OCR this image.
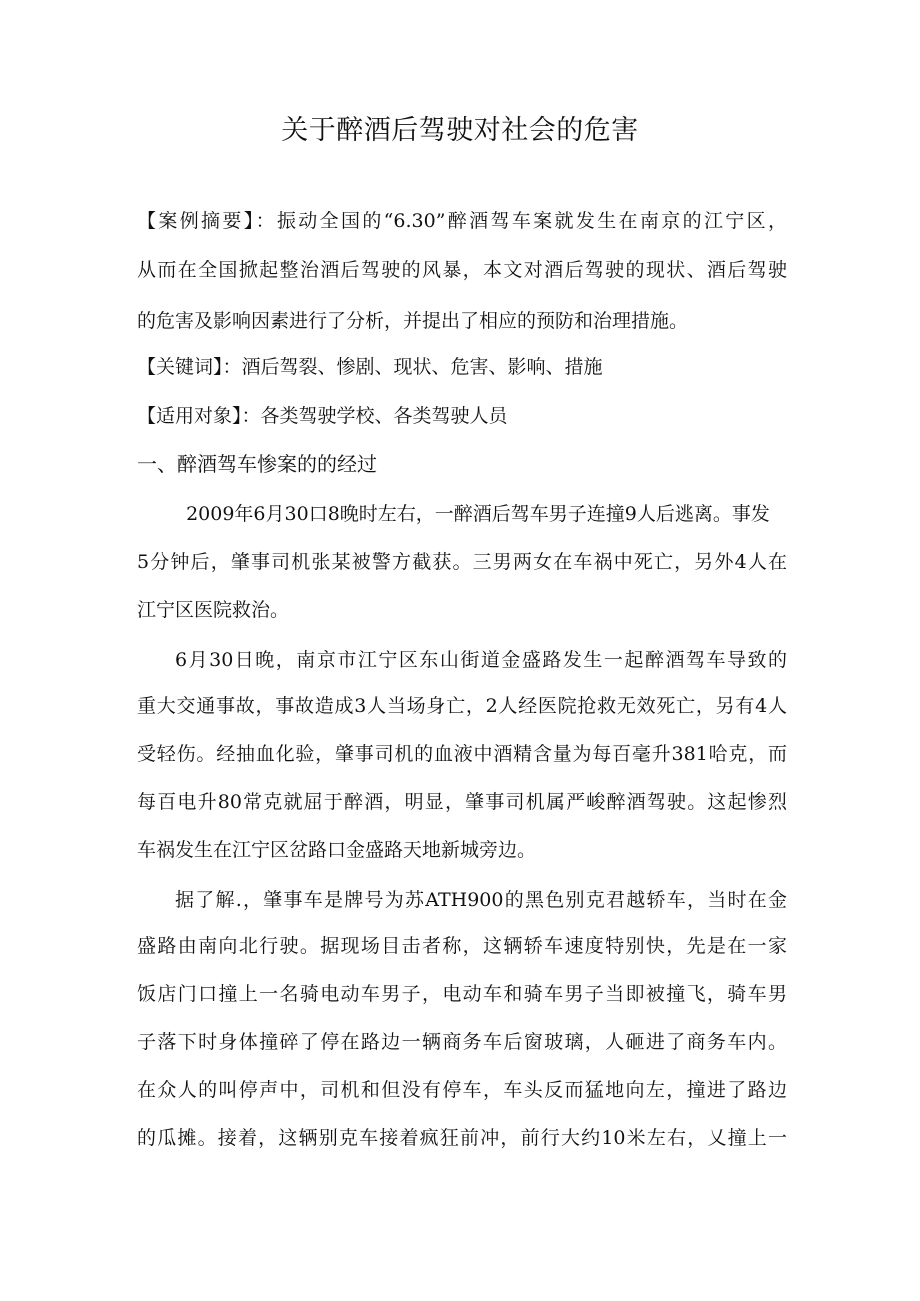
关于醉酒后驾驶对社会的危害
【案例摘要】：振动全国的“6.30”醉酒驾车案就发生在南京的江宁区，
从而在全国掀起整治酒后驾驶的风暴，本文对酒后驾驶的现状、酒后驾驶
的危害及影响因素进行了分析，并提出了相应的预防和治理措施。
【关键词】：酒后驾裂、惨剧、现状、危害、影响、措施
【适用对象】：各类驾驶学校、各类驾驶人员
一、醉酒驾车惨案的的经过
2009年6月30口8晚时左右，一醉酒后驾车男子连撞9人后逃离。事发
5分钟后，肇事司机张某被警方截获。三男两女在车祸中死亡，另外4人在
江宁区医院救治。
6月30日晚，南京市江宁区东山街道金盛路发生一起醉酒驾车导致的
重大交通事故，事故造成3人当场身亡，2人经医院抢救无效死亡，另有4人
受轻伤。经抽血化验，肇事司机的血液中酒精含量为每百毫升381哈克，而
每百电升80常克就屈于醉酒，明显，肇事司机属严峻醉酒驾驶。这起惨烈
车祸发生在江宁区岔路口金盛路天地新城旁边。
据了解.，肇事车是牌号为苏ATH900的黑色别克君越轿车，当时在金
盛路由南向北行驶。据现场目击者称，这辆轿车速度特别快，先是在一家
饭店门口撞上一名骑电动车男子，电动车和骑车男子当即被撞飞，骑车男
子落下时身体撞碎了停在路边一辆商务车后窗玻璃，人砸进了商务车内。
在众人的叫停声中，司机和但没有停车，车头反而猛地向左，撞进了路边
的瓜摊。接着，这辆别克车接着疯狂前冲，前行大约10米左右，乂撞上一
